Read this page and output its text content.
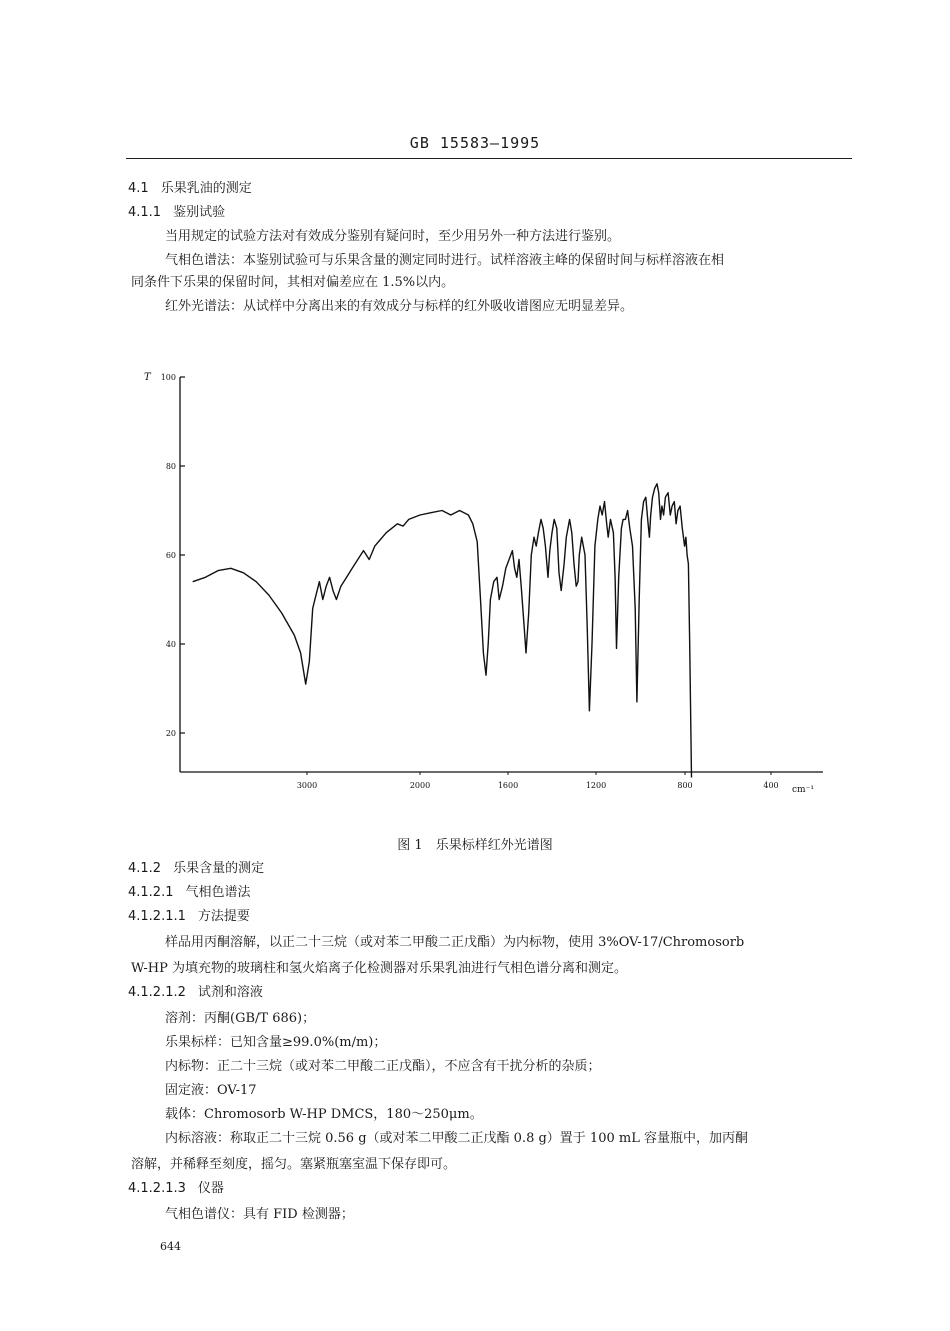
GB 15583—1995
4.1 乐果乳油的测定
4.1.1 鉴别试验
当用规定的试验方法对有效成分鉴别有疑问时，至少用另外一种方法进行鉴别。
气相色谱法：本鉴别试验可与乐果含量的测定同时进行。试样溶液主峰的保留时间与标样溶液在相
同条件下乐果的保留时间，其相对偏差应在 1.5%以内。
红外光谱法：从试样中分离出来的有效成分与标样的红外吸收谱图应无明显差异。
T 100
80
60
40
20
3000	2000	1600	1200	800	400 cm⁻¹
图 1　 乐果标样红外光谱图
4.1.2 乐果含量的测定
4.1.2.1 气相色谱法
4.1.2.1.1 方法提要
样品用丙酮溶解，以正二十三烷（或对苯二甲酸二正戊酯）为内标物，使用 3%OV-17/Chromosorb
W-HP 为填充物的玻璃柱和氢火焰离子化检测器对乐果乳油进行气相色谱分离和测定。
4.1.2.1.2 试剂和溶液
溶剂：丙酮(GB/T 686)；
乐果标样：已知含量≥99.0%(m/m)；
内标物：正二十三烷（或对苯二甲酸二正戊酯），不应含有干扰分析的杂质；
固定液：OV-17
载体：Chromosorb W-HP DMCS，180～250μm。
内标溶液：称取正二十三烷 0.56 g（或对苯二甲酸二正戊酯 0.8 g）置于 100 mL 容量瓶中，加丙酮
溶解，并稀释至刻度，摇匀。塞紧瓶塞室温下保存即可。
4.1.2.1.3 仪器
气相色谱仪：具有 FID 检测器；
644
